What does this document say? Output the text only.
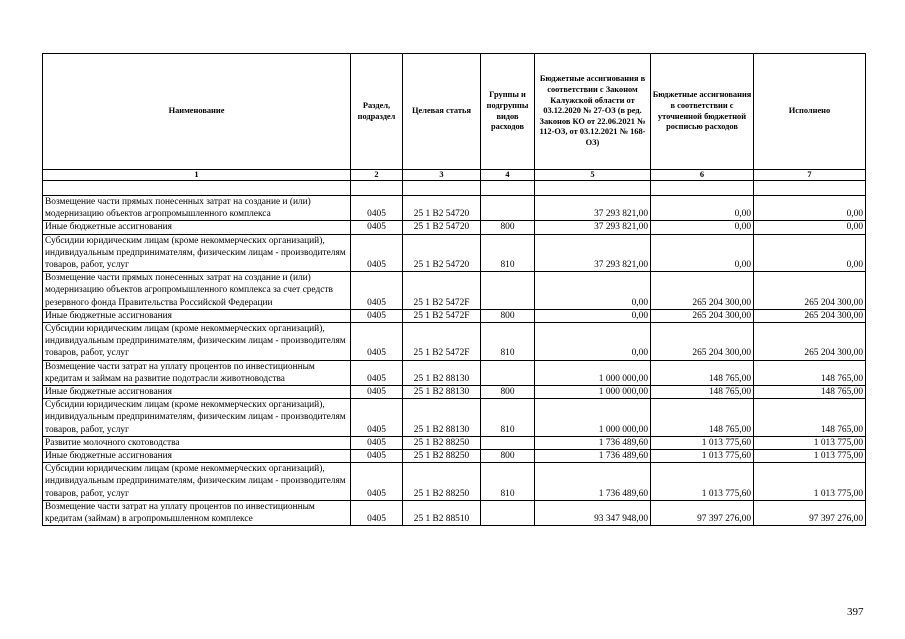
Наименование	Раздел, подраздел	Целевая статья	Группы и подгруппы видов расходов	Бюджетные ассигнования в соответствии с Законом Калужской области от 03.12.2020 № 27-ОЗ (в ред. Законов КО от 22.06.2021 № 112-ОЗ, от 03.12.2021 № 168-ОЗ)	Бюджетные ассигнования в соответствии с уточненной бюджетной росписью расходов	Исполнено
1	2	3	4	5	6	7

Возмещение части прямых понесенных затрат на создание и (или) модернизацию объектов агропромышленного комплекса	0405	25 1 B2 54720		37 293 821,00	0,00	0,00
Иные бюджетные ассигнования	0405	25 1 B2 54720	800	37 293 821,00	0,00	0,00
Субсидии юридическим лицам (кроме некоммерческих организаций), индивидуальным предпринимателям, физическим лицам - производителям товаров, работ, услуг	0405	25 1 B2 54720	810	37 293 821,00	0,00	0,00
Возмещение части прямых понесенных затрат на создание и (или) модернизацию объектов агропромышленного комплекса за счет средств резервного фонда Правительства Российской Федерации	0405	25 1 B2 5472F		0,00	265 204 300,00	265 204 300,00
Иные бюджетные ассигнования	0405	25 1 B2 5472F	800	0,00	265 204 300,00	265 204 300,00
Субсидии юридическим лицам (кроме некоммерческих организаций), индивидуальным предпринимателям, физическим лицам - производителям товаров, работ, услуг	0405	25 1 B2 5472F	810	0,00	265 204 300,00	265 204 300,00
Возмещение части затрат на уплату процентов по инвестиционным кредитам и займам на развитие подотрасли животноводства	0405	25 1 B2 88130		1 000 000,00	148 765,00	148 765,00
Иные бюджетные ассигнования	0405	25 1 B2 88130	800	1 000 000,00	148 765,00	148 765,00
Субсидии юридическим лицам (кроме некоммерческих организаций), индивидуальным предпринимателям, физическим лицам - производителям товаров, работ, услуг	0405	25 1 B2 88130	810	1 000 000,00	148 765,00	148 765,00
Развитие молочного скотоводства	0405	25 1 B2 88250		1 736 489,60	1 013 775,60	1 013 775,00
Иные бюджетные ассигнования	0405	25 1 B2 88250	800	1 736 489,60	1 013 775,60	1 013 775,00
Субсидии юридическим лицам (кроме некоммерческих организаций), индивидуальным предпринимателям, физическим лицам - производителям товаров, работ, услуг	0405	25 1 B2 88250	810	1 736 489,60	1 013 775,60	1 013 775,00
Возмещение части затрат на уплату процентов по инвестиционным кредитам (займам) в агропромышленном комплексе	0405	25 1 B2 88510		93 347 948,00	97 397 276,00	97 397 276,00
397
